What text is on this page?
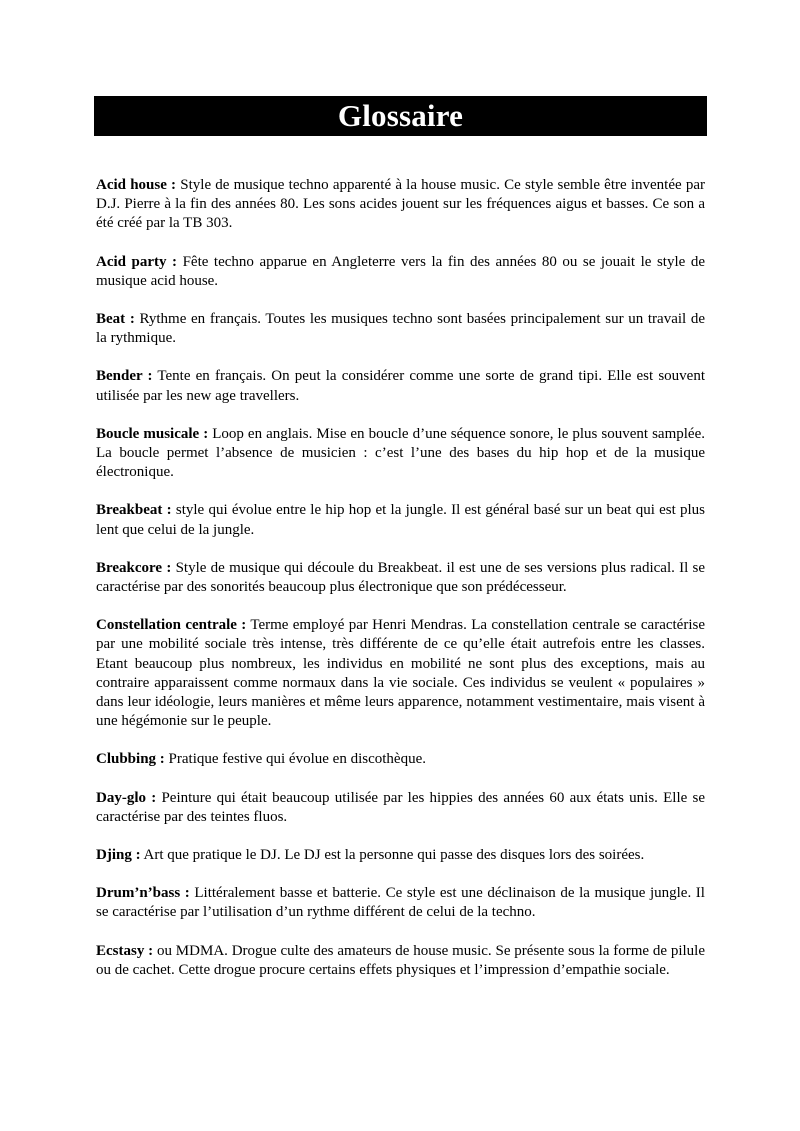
Glossaire

Acid house : Style de musique techno apparenté à la house music. Ce style semble être inventée par D.J. Pierre à la fin des années 80. Les sons acides jouent sur les fréquences aigus et basses. Ce son a été créé par la TB 303.

Acid party : Fête techno apparue en Angleterre vers la fin des années 80 ou se jouait le style de musique acid house.

Beat : Rythme en français. Toutes les musiques techno sont basées principalement sur un travail de la rythmique.

Bender : Tente en français. On peut la considérer comme une sorte de grand tipi. Elle est souvent utilisée par les new age travellers.

Boucle musicale : Loop en anglais. Mise en boucle d’une séquence sonore, le plus souvent samplée. La boucle permet l’absence de musicien : c’est l’une des bases du hip hop et de la musique électronique.

Breakbeat : style qui évolue entre le hip hop et la jungle. Il est général basé sur un beat qui est plus lent que celui de la jungle.

Breakcore : Style de musique qui découle du Breakbeat. il est une de ses versions plus radical. Il se caractérise par des sonorités beaucoup plus électronique que son prédécesseur.

Constellation centrale : Terme employé par Henri Mendras. La constellation centrale se caractérise par une mobilité sociale très intense, très différente de ce qu’elle était autrefois entre les classes. Etant beaucoup plus nombreux, les individus en mobilité ne sont plus des exceptions, mais au contraire apparaissent comme normaux dans la vie sociale. Ces individus se veulent « populaires » dans leur idéologie, leurs manières et même leurs apparence, notamment vestimentaire, mais visent à une hégémonie sur le peuple.

Clubbing : Pratique festive qui évolue en discothèque.

Day-glo : Peinture qui était beaucoup utilisée par les hippies des années 60 aux états unis. Elle se caractérise par des teintes fluos.

Djing : Art que pratique le DJ. Le DJ est la personne qui passe des disques lors des soirées.

Drum’n’bass : Littéralement basse et batterie. Ce style est une déclinaison de la musique jungle. Il se caractérise par l’utilisation d’un rythme différent de celui de la techno.

Ecstasy : ou MDMA. Drogue culte des amateurs de house music. Se présente sous la forme de pilule ou de cachet. Cette drogue procure certains effets physiques et l’impression d’empathie sociale.
